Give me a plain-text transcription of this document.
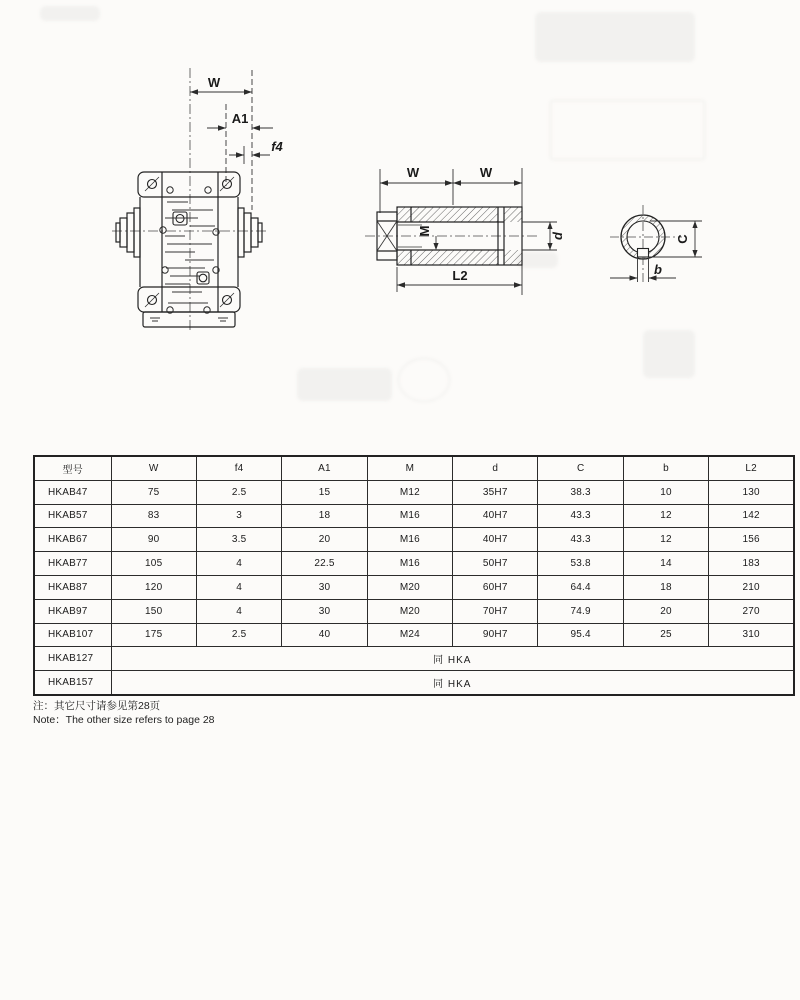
W
A1
f4
W	W
M
L2
d	C
b
型号	W	f4	A1	M	d	C	b	L2
HKAB47	75	2.5	15	M12	35H7	38.3	10	130
HKAB57	83	3	18	M16	40H7	43.3	12	142
HKAB67	90	3.5	20	M16	40H7	43.3	12	156
HKAB77	105	4	22.5	M16	50H7	53.8	14	183
HKAB87	120	4	30	M20	60H7	64.4	18	210
HKAB97	150	4	30	M20	70H7	74.9	20	270
HKAB107	175	2.5	40	M24	90H7	95.4	25	310
HKAB127	同 HKA							
HKAB157	同 HKA							
注：其它尺寸请参见第28页
Note：The other size refers to page 28
